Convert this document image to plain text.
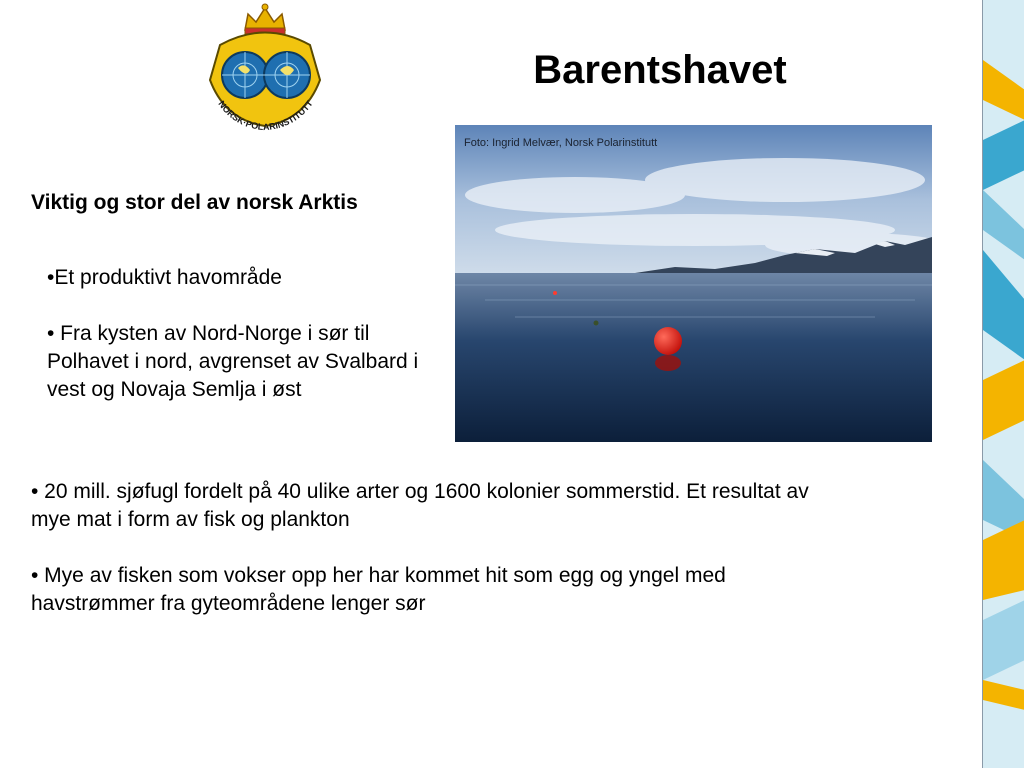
NORSK·POLARINSTITUTT
Barentshavet
Viktig og stor del av norsk Arktis

•Et produktivt havområde

• Fra kysten av Nord-Norge i sør til Polhavet i nord, avgrenset av Svalbard i vest og Novaja Semlja i øst

• 20 mill. sjøfugl fordelt på 40 ulike arter og 1600 kolonier sommerstid. Et resultat av mye mat i form av fisk og plankton

• Mye av fisken som vokser opp her har kommet hit som egg og yngel med havstrømmer fra gyteområdene lenger sør

Foto: Ingrid Melvær, Norsk Polarinstitutt
